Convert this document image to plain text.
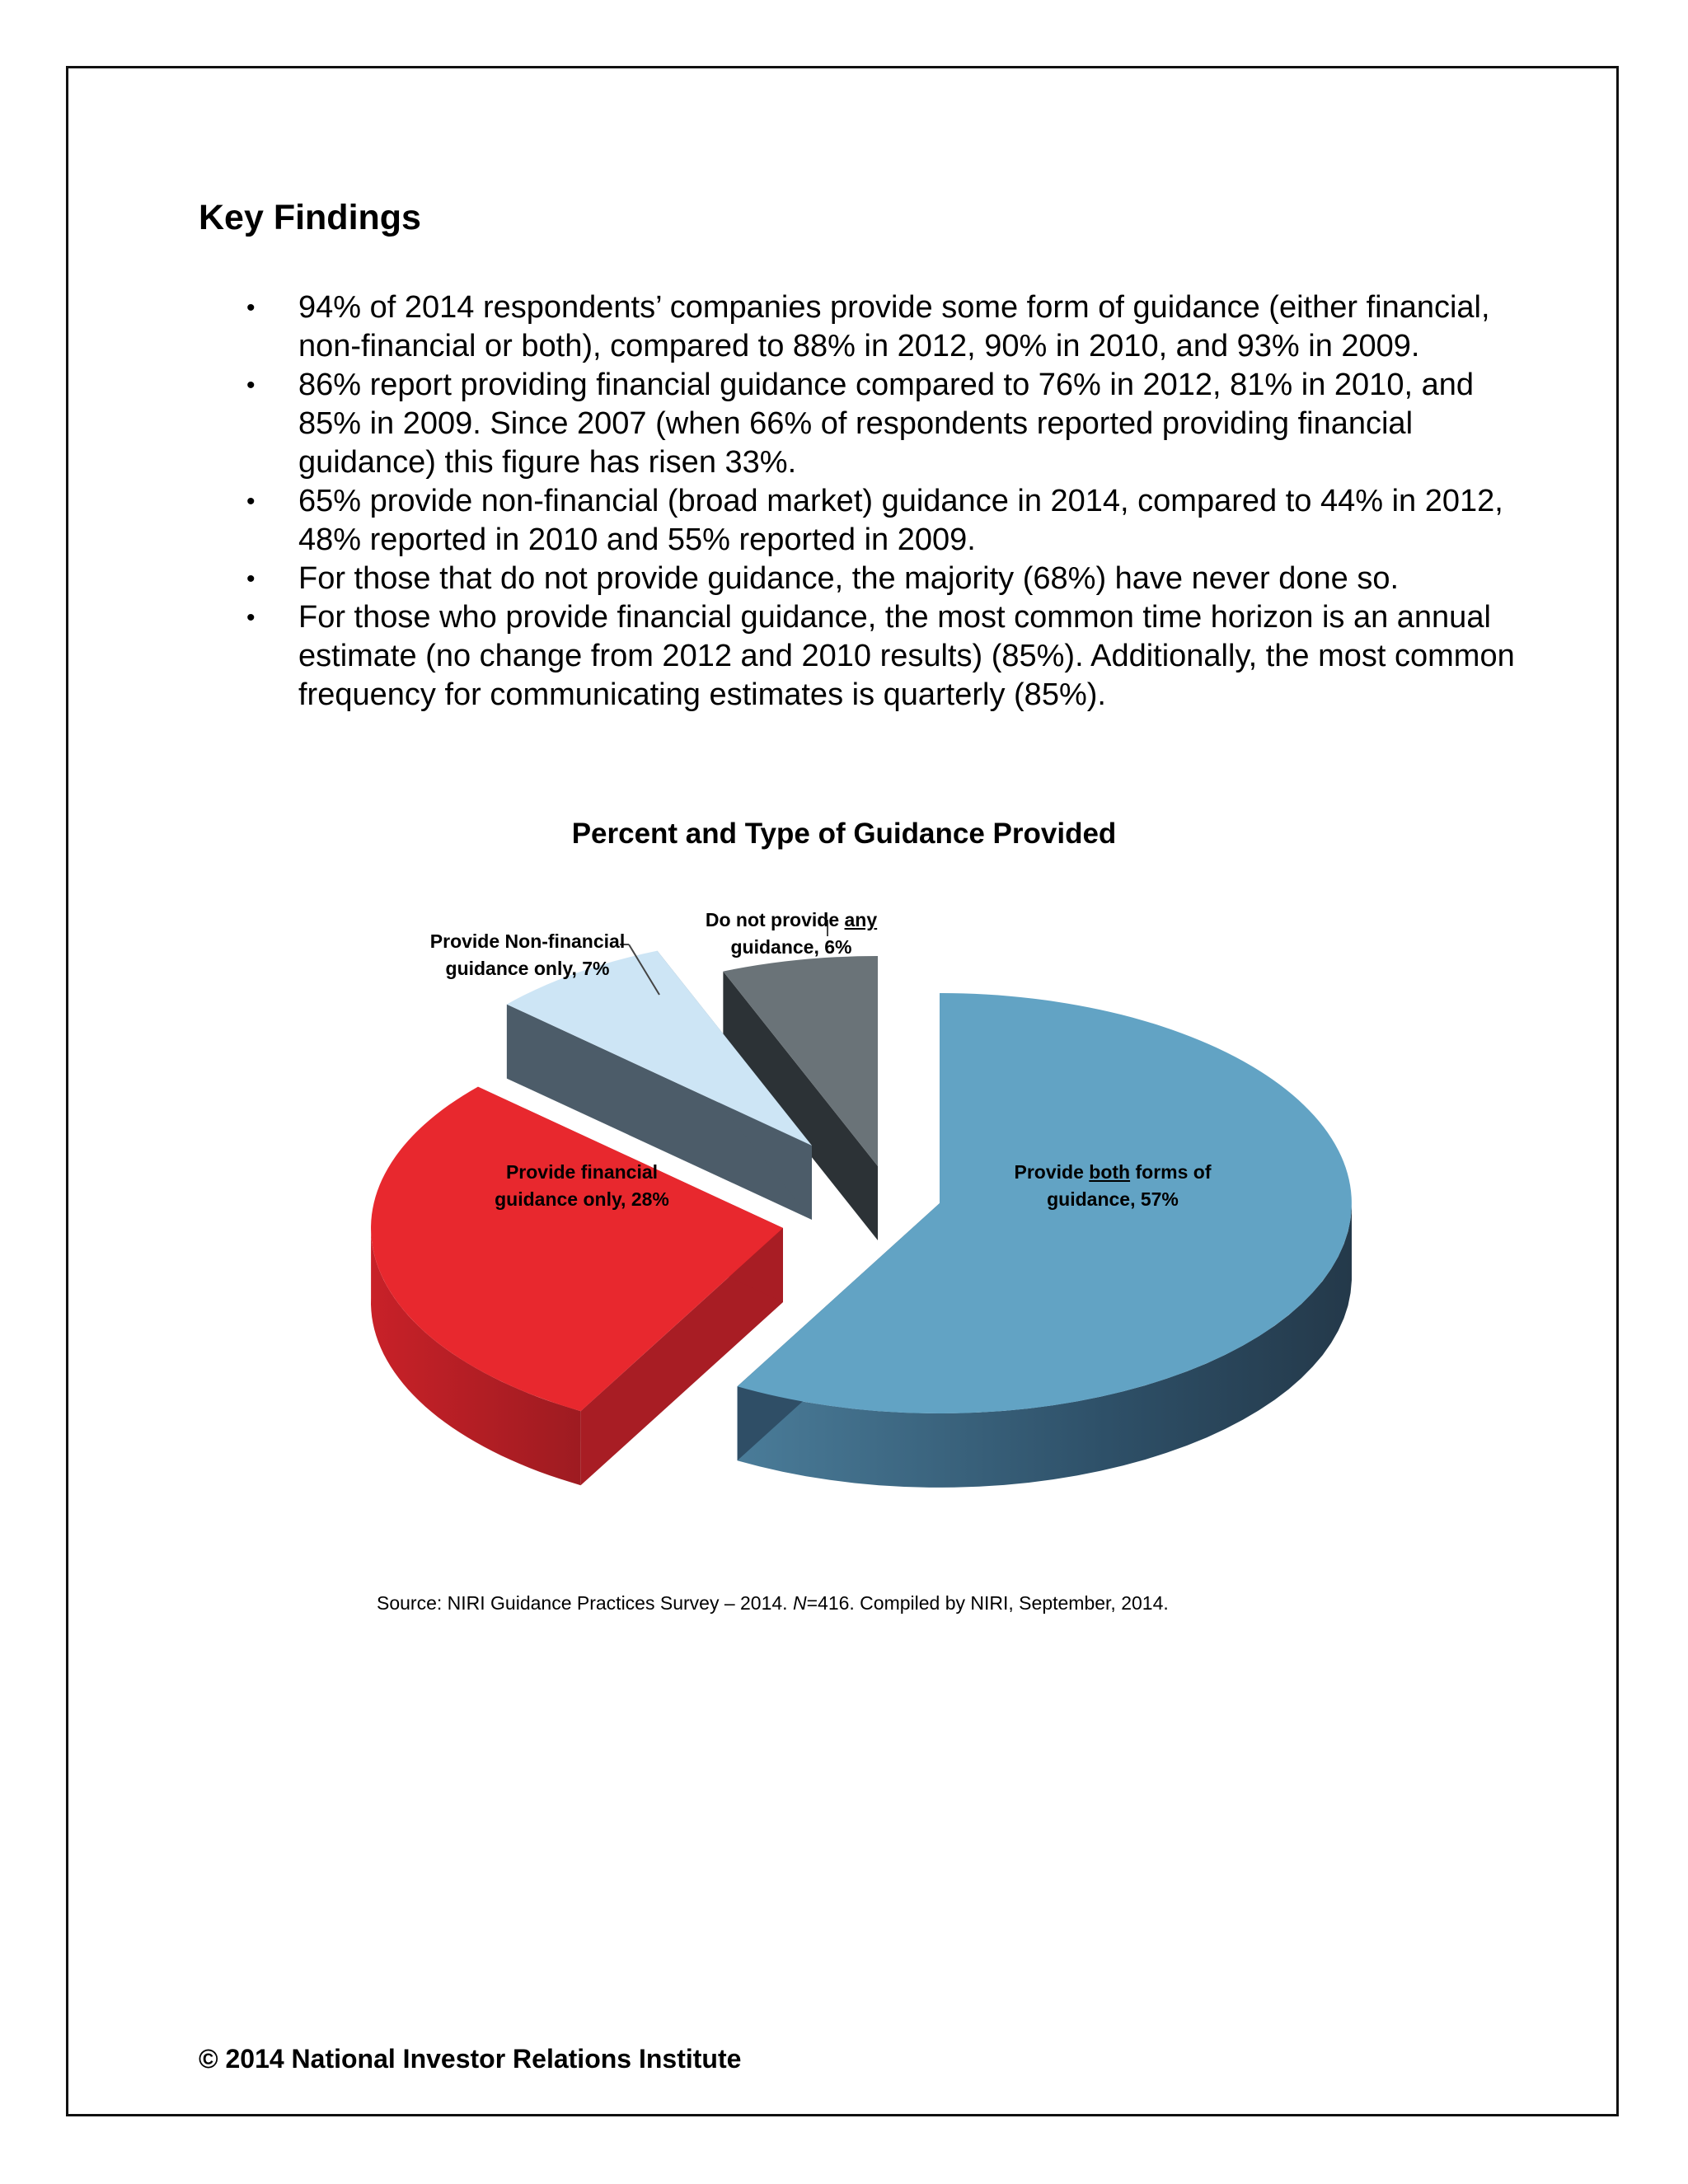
Key Findings
• 94% of 2014 respondents’ companies provide some form of guidance (either financial, non-financial or both), compared to 88% in 2012, 90% in 2010, and 93% in 2009.
• 86% report providing financial guidance compared to 76% in 2012, 81% in 2010, and 85% in 2009. Since 2007 (when 66% of respondents reported providing financial guidance) this figure has risen 33%.
• 65% provide non-financial (broad market) guidance in 2014, compared to 44% in 2012, 48% reported in 2010 and 55% reported in 2009.
• For those that do not provide guidance, the majority (68%) have never done so.
• For those who provide financial guidance, the most common time horizon is an annual estimate (no change from 2012 and 2010 results) (85%). Additionally, the most common frequency for communicating estimates is quarterly (85%).
Percent and Type of Guidance Provided
Provide both forms of
guidance, 57%
Provide financial
guidance only, 28%
Provide Non-financial
guidance only, 7%
Do not provide any
guidance, 6%
Source: NIRI Guidance Practices Survey – 2014. N=416. Compiled by NIRI, September, 2014.
© 2014 National Investor Relations Institute
